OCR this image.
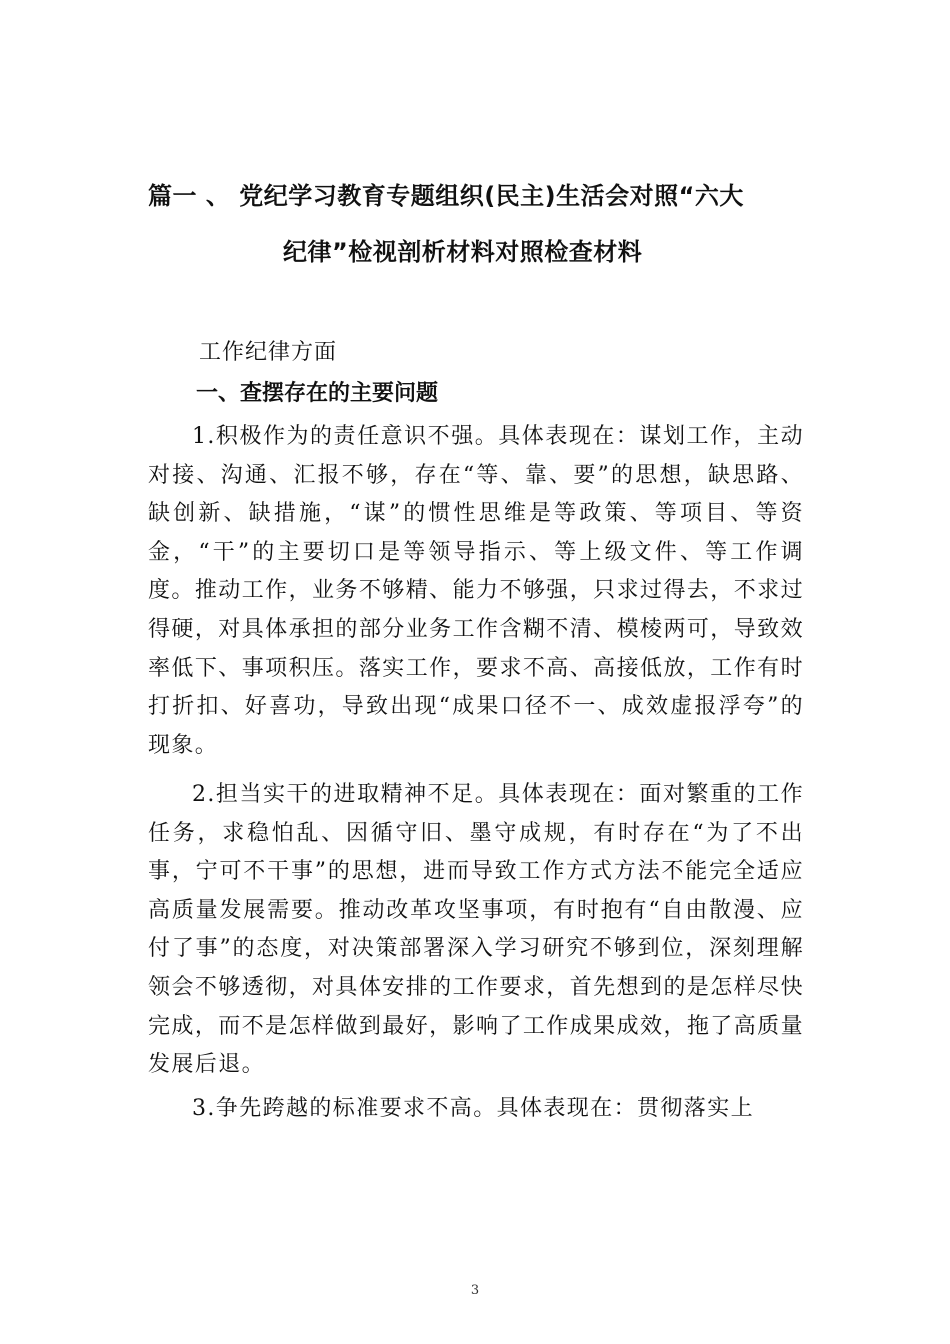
篇一 、 党纪学习教育专题组织(民主)生活会对照“六大
纪律”检视剖析材料对照检查材料
工作纪律方面
一、查摆存在的主要问题

1.积极作为的责任意识不强。具体表现在：谋划工作，主动对接、沟通、汇报不够，存在“等、靠、要”的思想，缺思路、缺创新、缺措施，“谋”的惯性思维是等政策、等项目、等资金，“干”的主要切口是等领导指示、等上级文件、等工作调度。推动工作，业务不够精、能力不够强，只求过得去，不求过得硬，对具体承担的部分业务工作含糊不清、模棱两可，导致效率低下、事项积压。落实工作，要求不高、高接低放，工作有时打折扣、好喜功，导致出现“成果口径不一、成效虚报浮夸”的现象。

2.担当实干的进取精神不足。具体表现在：面对繁重的工作任务，求稳怕乱、因循守旧、墨守成规，有时存在“为了不出事，宁可不干事”的思想，进而导致工作方式方法不能完全适应高质量发展需要。推动改革攻坚事项，有时抱有“自由散漫、应付了事”的态度，对决策部署深入学习研究不够到位，深刻理解领会不够透彻，对具体安排的工作要求，首先想到的是怎样尽快完成，而不是怎样做到最好，影响了工作成果成效，拖了高质量发展后退。

3.争先跨越的标准要求不高。具体表现在：贯彻落实上

3
